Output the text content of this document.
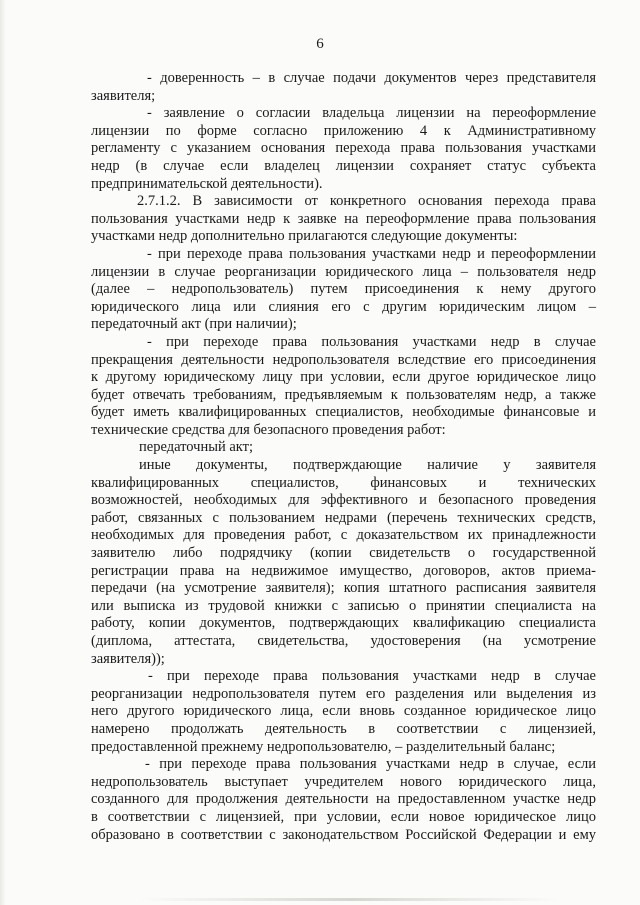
6
- доверенность – в случае подачи документов через представителя
заявителя;
- заявление о согласии владельца лицензии на переоформление
лицензии по форме согласно приложению 4 к Административному
регламенту с указанием основания перехода права пользования участками
недр (в случае если владелец лицензии сохраняет статус субъекта
предпринимательской деятельности).
2.7.1.2. В зависимости от конкретного основания перехода права
пользования участками недр к заявке на переоформление права пользования
участками недр дополнительно прилагаются следующие документы:
- при переходе права пользования участками недр и переоформлении
лицензии в случае реорганизации юридического лица – пользователя недр
(далее – недропользователь) путем присоединения к нему другого
юридического лица или слияния его с другим юридическим лицом –
передаточный акт (при наличии);
- при переходе права пользования участками недр в случае
прекращения деятельности недропользователя вследствие его присоединения
к другому юридическому лицу при условии, если другое юридическое лицо
будет отвечать требованиям, предъявляемым к пользователям недр, а также
будет иметь квалифицированных специалистов, необходимые финансовые и
технические средства для безопасного проведения работ:
передаточный акт;
иные документы, подтверждающие наличие у заявителя
квалифицированных специалистов, финансовых и технических
возможностей, необходимых для эффективного и безопасного проведения
работ, связанных с пользованием недрами (перечень технических средств,
необходимых для проведения работ, с доказательством их принадлежности
заявителю либо подрядчику (копии свидетельств о государственной
регистрации права на недвижимое имущество, договоров, актов приема-
передачи (на усмотрение заявителя); копия штатного расписания заявителя
или выписка из трудовой книжки с записью о принятии специалиста на
работу, копии документов, подтверждающих квалификацию специалиста
(диплома, аттестата, свидетельства, удостоверения (на усмотрение
заявителя));
- при переходе права пользования участками недр в случае
реорганизации недропользователя путем его разделения или выделения из
него другого юридического лица, если вновь созданное юридическое лицо
намерено продолжать деятельность в соответствии с лицензией,
предоставленной прежнему недропользователю, – разделительный баланс;
- при переходе права пользования участками недр в случае, если
недропользователь выступает учредителем нового юридического лица,
созданного для продолжения деятельности на предоставленном участке недр
в соответствии с лицензией, при условии, если новое юридическое лицо
образовано в соответствии с законодательством Российской Федерации и ему
